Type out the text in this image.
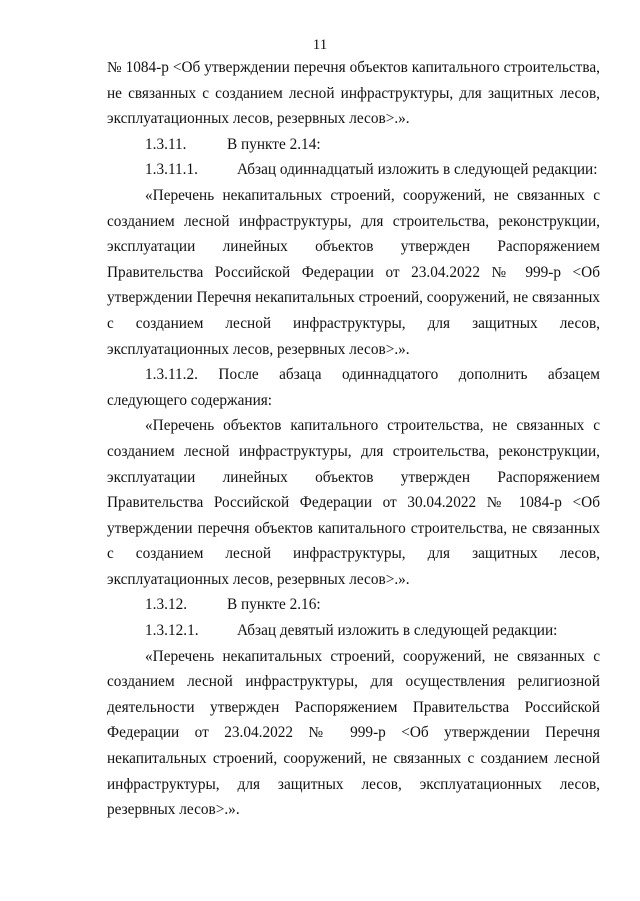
11

№ 1084-р <Об утверждении перечня объектов капитального строительства, не связанных с созданием лесной инфраструктуры, для защитных лесов, эксплуатационных лесов, резервных лесов>.».

1.3.11.	В пункте 2.14:
1.3.11.1.	Абзац одиннадцатый изложить в следующей редакции:

«Перечень некапитальных строений, сооружений, не связанных с созданием лесной инфраструктуры, для строительства, реконструкции, эксплуатации линейных объектов утвержден Распоряжением Правительства Российской Федерации от 23.04.2022 № 999-р <Об утверждении Перечня некапитальных строений, сооружений, не связанных с созданием лесной инфраструктуры, для защитных лесов, эксплуатационных лесов, резервных лесов>.».

1.3.11.2. После абзаца одиннадцатого дополнить абзацем следующего содержания:

«Перечень объектов капитального строительства, не связанных с созданием лесной инфраструктуры, для строительства, реконструкции, эксплуатации линейных объектов утвержден Распоряжением Правительства Российской Федерации от 30.04.2022 № 1084-р <Об утверждении перечня объектов капитального строительства, не связанных с созданием лесной инфраструктуры, для защитных лесов, эксплуатационных лесов, резервных лесов>.».

1.3.12.	В пункте 2.16:
1.3.12.1.	Абзац девятый изложить в следующей редакции:

«Перечень некапитальных строений, сооружений, не связанных с созданием лесной инфраструктуры, для осуществления религиозной деятельности утвержден Распоряжением Правительства Российской Федерации от 23.04.2022 № 999-р <Об утверждении Перечня некапитальных строений, сооружений, не связанных с созданием лесной инфраструктуры, для защитных лесов, эксплуатационных лесов, резервных лесов>.».
